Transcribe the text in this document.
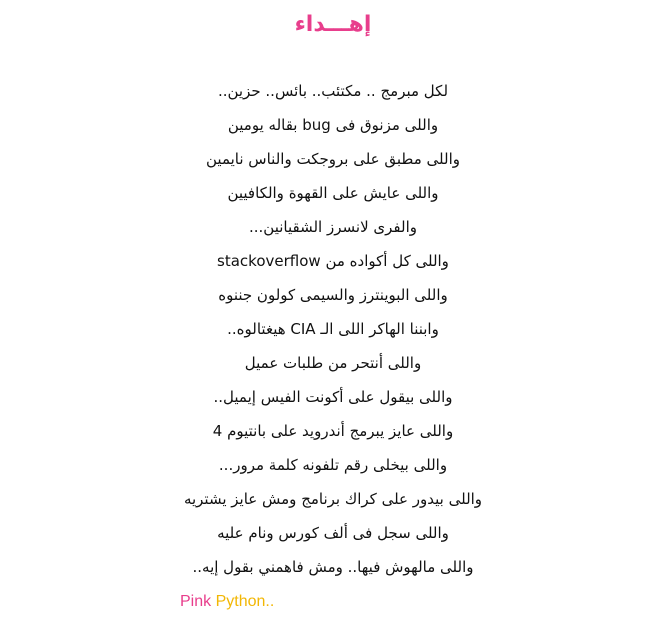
إهـــداء
لكل مبرمج .. مكتئب.. بائس.. حزين..
واللى مزنوق فى bug بقاله يومين
واللى مطبق على بروجكت والناس نايمين
واللى عايش على القهوة والكافيين
والفرى لانسرز الشقيانين...
واللى كل أكواده من stackoverflow
واللى البوينترز والسيمى كولون جننوه
وابننا الهاكر اللى الـ CIA هيغتالوه..
واللى أنتحر من طلبات عميل
واللى بيقول على أكونت الفيس إيميل..
واللى عايز يبرمج أندرويد على بانتيوم 4
واللى بيخلى رقم تلفونه كلمة مرور...
واللى بيدور على كراك برنامج ومش عايز يشتريه
واللى سجل فى ألف كورس ونام عليه
واللى مالهوش فيها.. ومش فاهمني بقول إيه..
Pink Python..
